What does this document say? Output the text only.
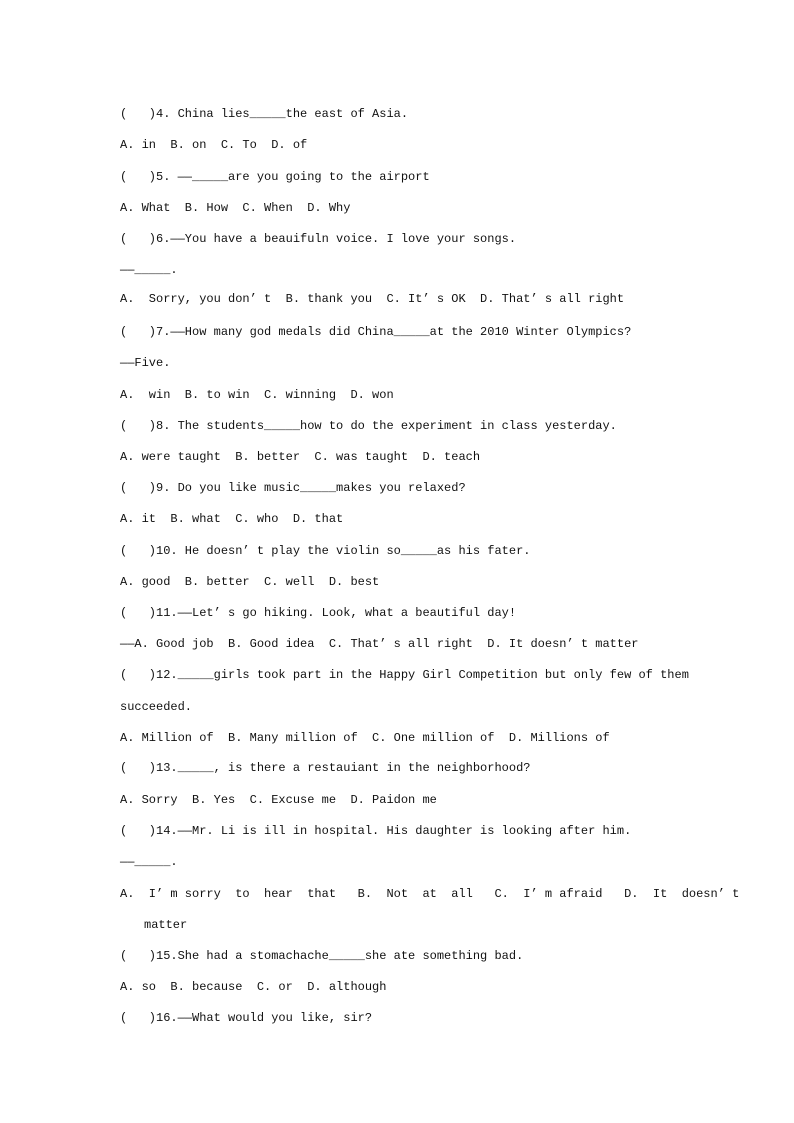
(   )4. China lies_____the east of Asia.
A. in  B. on  C. To  D. of
(   )5. ——_____are you going to the airport
A. What  B. How  C. When  D. Why
(   )6.——You have a beauifuln voice. I love your songs.
——_____.
A.  Sorry, you don’ t  B. thank you  C. It’ s OK  D. That’ s all right
(   )7.——How many god medals did China_____at the 2010 Winter Olympics?
——Five.
A.  win  B. to win  C. winning  D. won
(   )8. The students_____how to do the experiment in class yesterday.
A. were taught  B. better  C. was taught  D. teach
(   )9. Do you like music_____makes you relaxed?
A. it  B. what  C. who  D. that
(   )10. He doesn’ t play the violin so_____as his fater.
A. good  B. better  C. well  D. best
(   )11.——Let’ s go hiking. Look, what a beautiful day!
——A. Good job  B. Good idea  C. That’ s all right  D. It doesn’ t matter
(   )12._____girls took part in the Happy Girl Competition but only few of them
succeeded.
A. Million of  B. Many million of  C. One million of  D. Millions of
(   )13._____, is there a restauiant in the neighborhood?
A. Sorry  B. Yes  C. Excuse me  D. Paidon me
(   )14.——Mr. Li is ill in hospital. His daughter is looking after him.
——_____.
A.  I’ m sorry  to  hear  that   B.  Not  at  all   C.  I’ m afraid   D.  It  doesn’ t
matter
(   )15.She had a stomachache_____she ate something bad.
A. so  B. because  C. or  D. although
(   )16.——What would you like, sir?
